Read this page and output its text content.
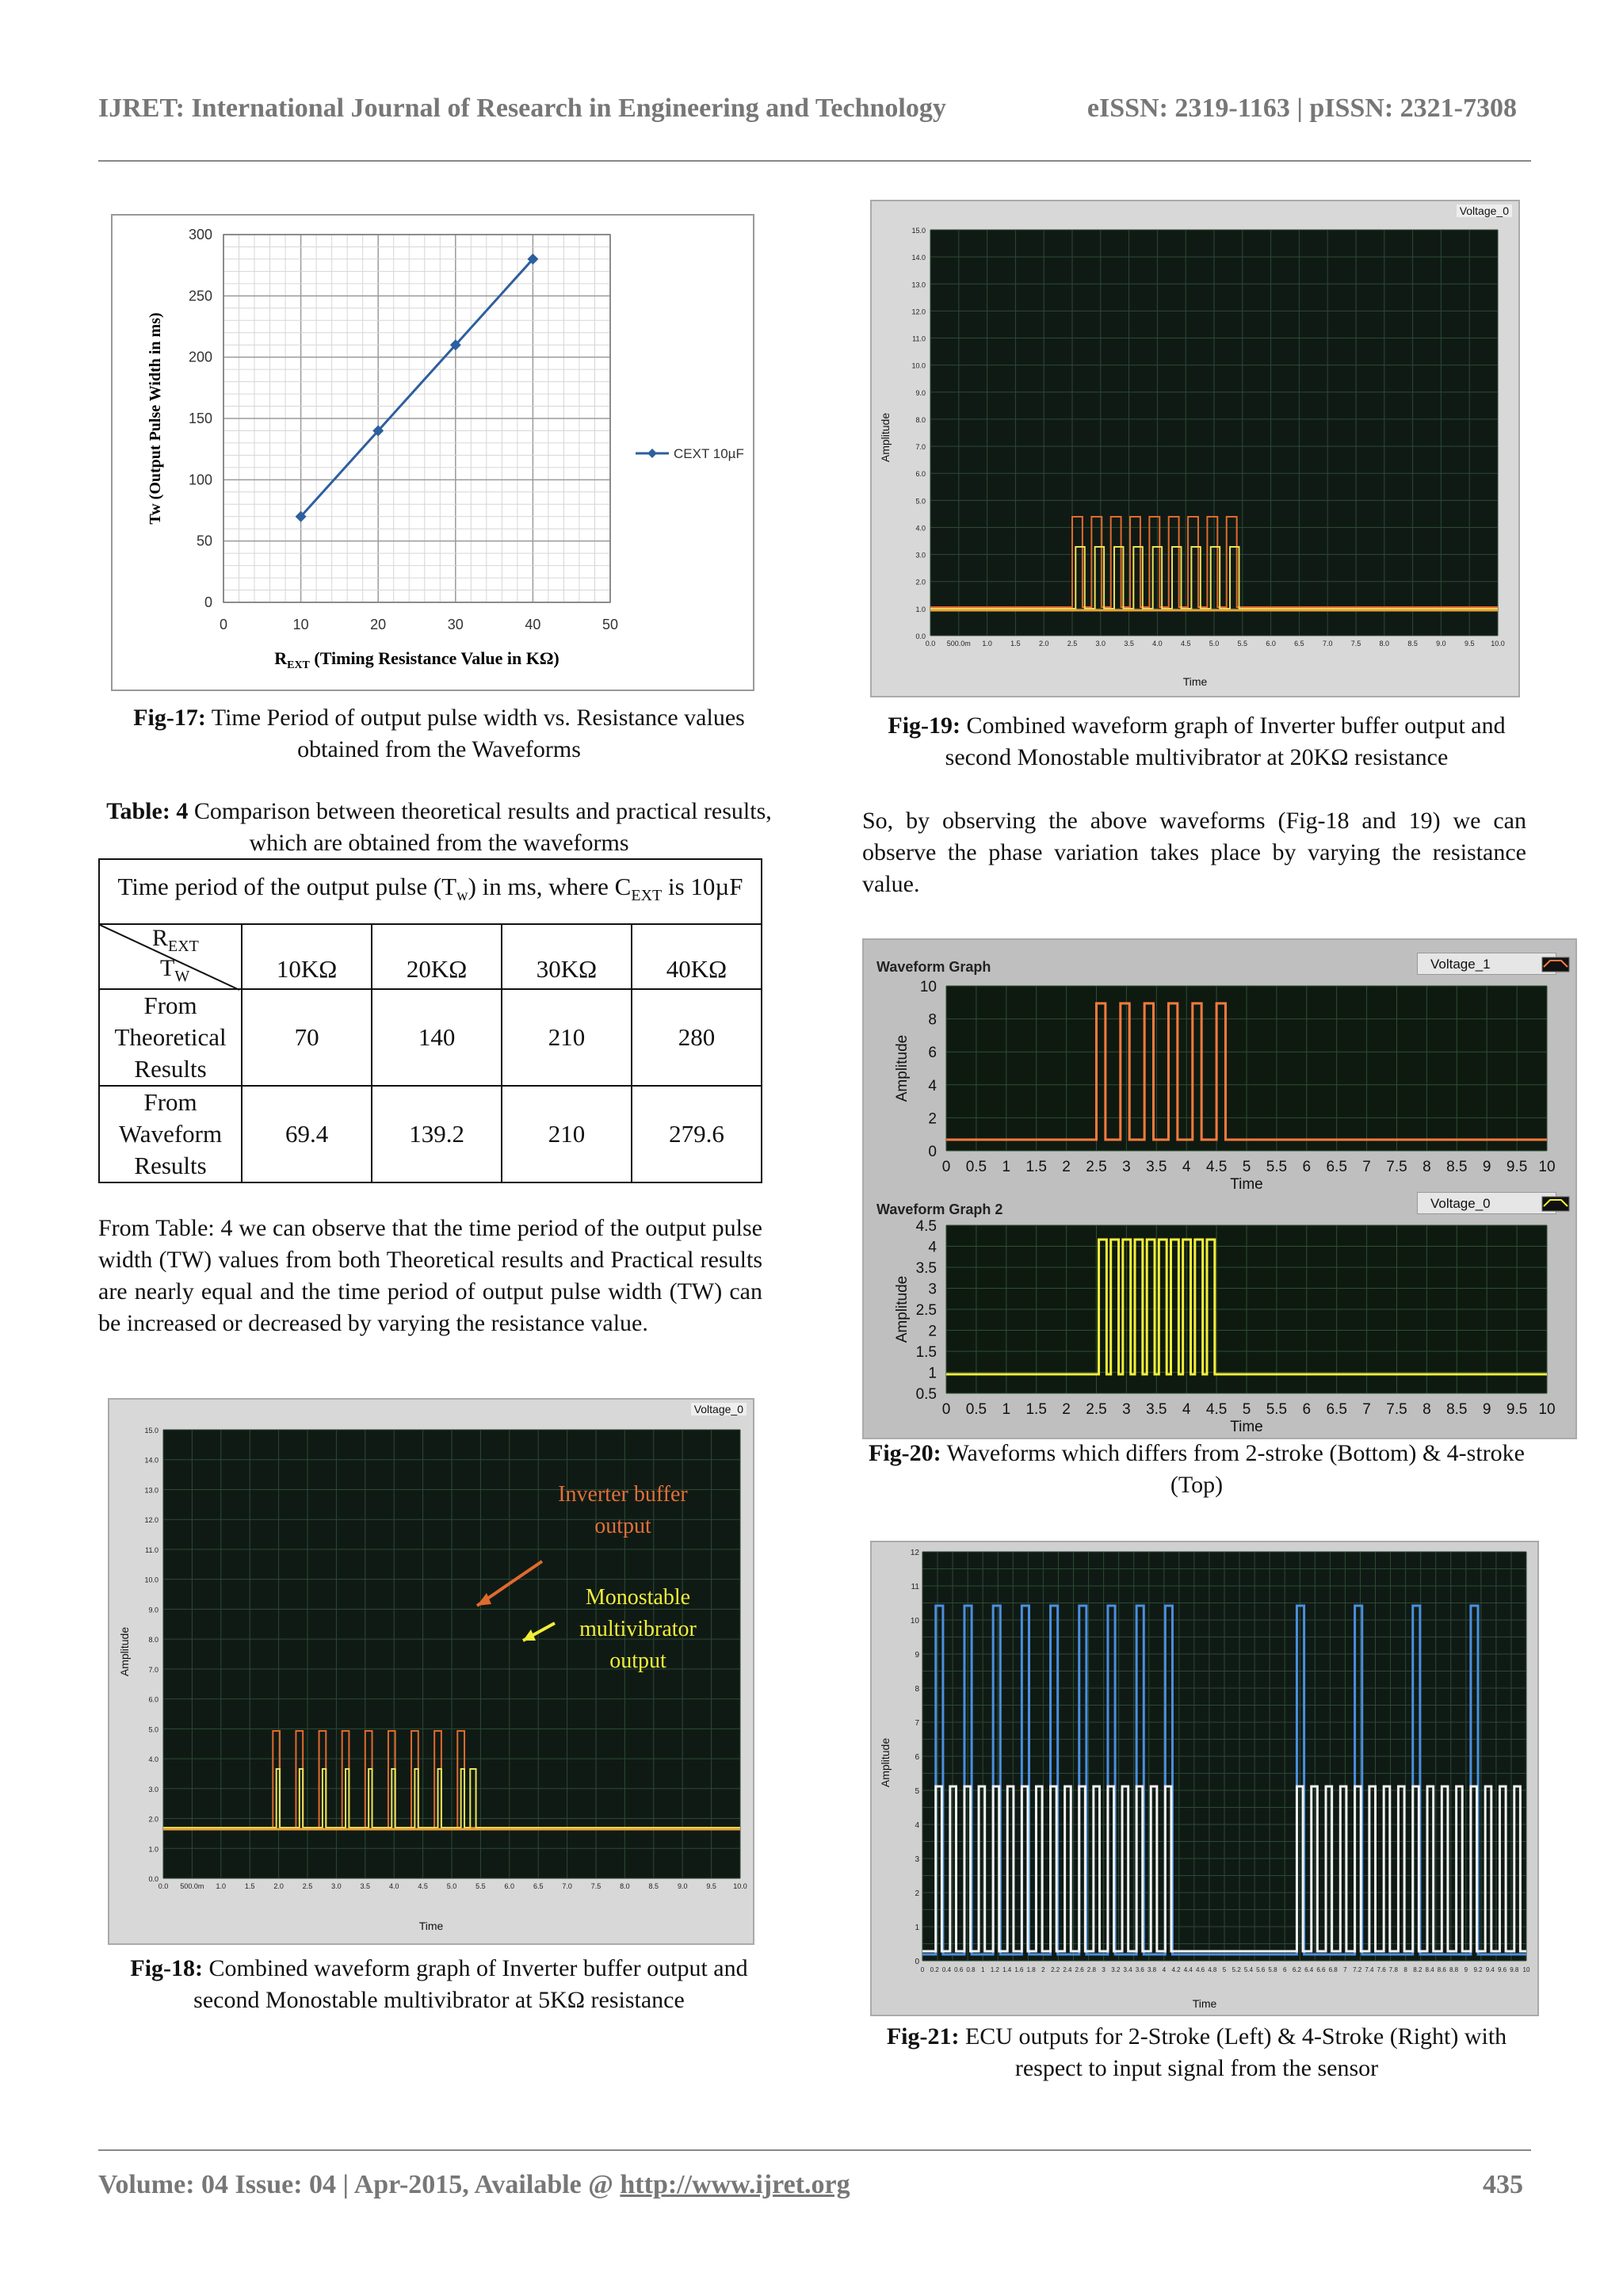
IJRET: International Journal of Research in Engineering and Technology	eISSN: 2319-1163 | pISSN: 2321-7308
0	10	20	30	40	50
0
50
100
150
200
250
300
Tw (Output Pulse Width in ms)
$R_{EXT}$ (Timing Resistance Value in KΩ)
CEXT 10µF
Fig-17: Time Period of output pulse width vs. Resistance values obtained from the Waveforms
Table: 4 Comparison between theoretical results and practical results, which are obtained from the waveforms
Time period of the output pulse $(T_w)$ in ms, where $C_{EXT}$ is 10µF				

$R_{EXT}$
$T_W$	10KΩ	20KΩ	30KΩ	40KΩ
From Theoretical Results	70	140	210	280
From Waveform Results	69.4	139.2	210	279.6
From Table: 4 we can observe that the time period of the output pulse width (TW) values from both Theoretical results and Practical results are nearly equal and the time period of output pulse width (TW) can be increased or decreased by varying the resistance value.
Voltage_0
0.0
1.0
2.0
3.0
4.0
5.0
6.0
7.0
8.0
9.0
10.0
11.0
12.0
13.0
14.0
15.0
0.0 500.0m 1.0	1.5	2.0	2.5	3.0	3.5	4.0	4.5	5.0	5.5	6.0	6.5	7.0	7.5	8.0	8.5	9.0	9.5 10.0
Time
Amplitude
Inverter buffer output
Monostable multivibrator output
Fig-18: Combined waveform graph of Inverter buffer output and second Monostable multivibrator at 5KΩ resistance
Voltage_0
0.0
1.0
2.0
3.0
4.0
5.0
6.0
7.0
8.0
9.0
10.0
11.0
12.0
13.0
14.0
15.0
0.0 500.0m 1.0	1.5	2.0	2.5	3.0	3.5	4.0	4.5	5.0	5.5	6.0	6.5	7.0	7.5	8.0	8.5	9.0	9.5 10.0
Time
Amplitude
Fig-19: Combined waveform graph of Inverter buffer output and second Monostable multivibrator at 20KΩ resistance
So, by observing the above waveforms (Fig-18 and 19) we can observe the phase variation takes place by varying the resistance value.
Waveform Graph	Voltage_1
Waveform Graph 2	Voltage_0
0
2
4
6
8
10
0 0.5 1 1.5 2 2.5 3 3.5 4 4.5 5 5.5 6 6.5 7 7.5 8 8.5 9 9.5 10
Time
Amplitude
0.5
1
1.5
2
2.5
3
3.5
4
4.5
0 0.5 1 1.5 2 2.5 3 3.5 4 4.5 5 5.5 6 6.5 7 7.5 8 8.5 9 9.5 10
Time
Amplitude
Fig-20: Waveforms which differs from 2-stroke (Bottom) & 4-stroke (Top)
0
1
2
3
4
5
6
7
8
9
10
11
12
0 0.2 0.4 0.6 0.8 1 1.2 1.4 1.6 1.8 2 2.2 2.4 2.6 2.8 3 3.2 3.4 3.6 3.8 4 4.2 4.4 4.6 4.8 5 5.2 5.4 5.6 5.8 6 6.2 6.4 6.6 6.8 7 7.2 7.4 7.6 7.8 8 8.2 8.4 8.6 8.8 9 9.2 9.4 9.6 9.8 10
Time
Amplitude
Fig-21: ECU outputs for 2-Stroke (Left) & 4-Stroke (Right) with respect to input signal from the sensor
Volume: 04 Issue: 04 | Apr-2015, Available @ http://www.ijret.org	435
